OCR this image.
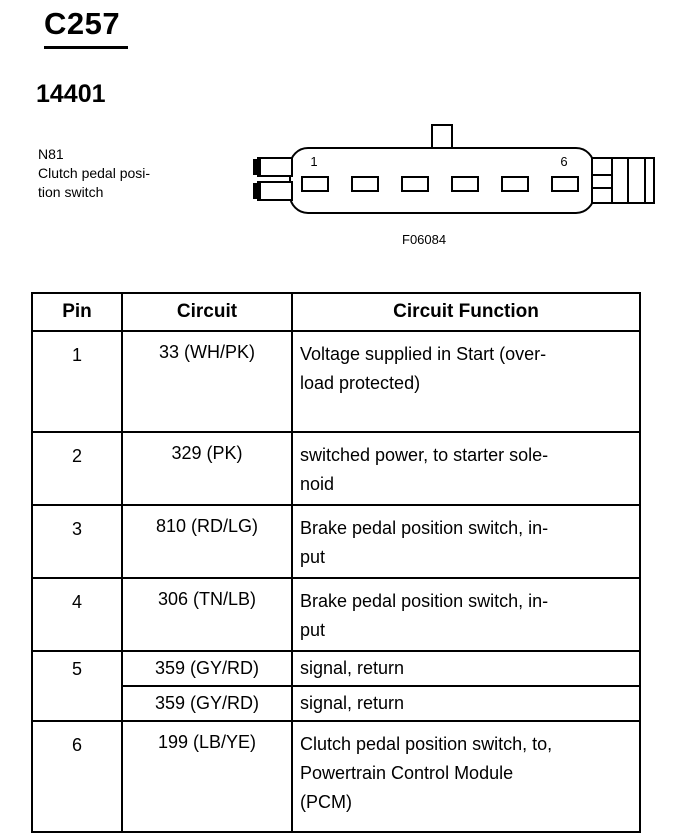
C257
14401
N81
Clutch pedal posi-
tion switch
1	6
F06084
Pin	Circuit	Circuit Function
1	33 (WH/PK)	Voltage supplied in Start (over-
load protected)
2	329 (PK)	switched power, to starter sole-
noid
3	810 (RD/LG)	Brake pedal position switch, in-
put
4	306 (TN/LB)	Brake pedal position switch, in-
put
5	359 (GY/RD)	signal, return
	359 (GY/RD)	signal, return
6	199 (LB/YE)	Clutch pedal position switch, to,
Powertrain Control Module
(PCM)
